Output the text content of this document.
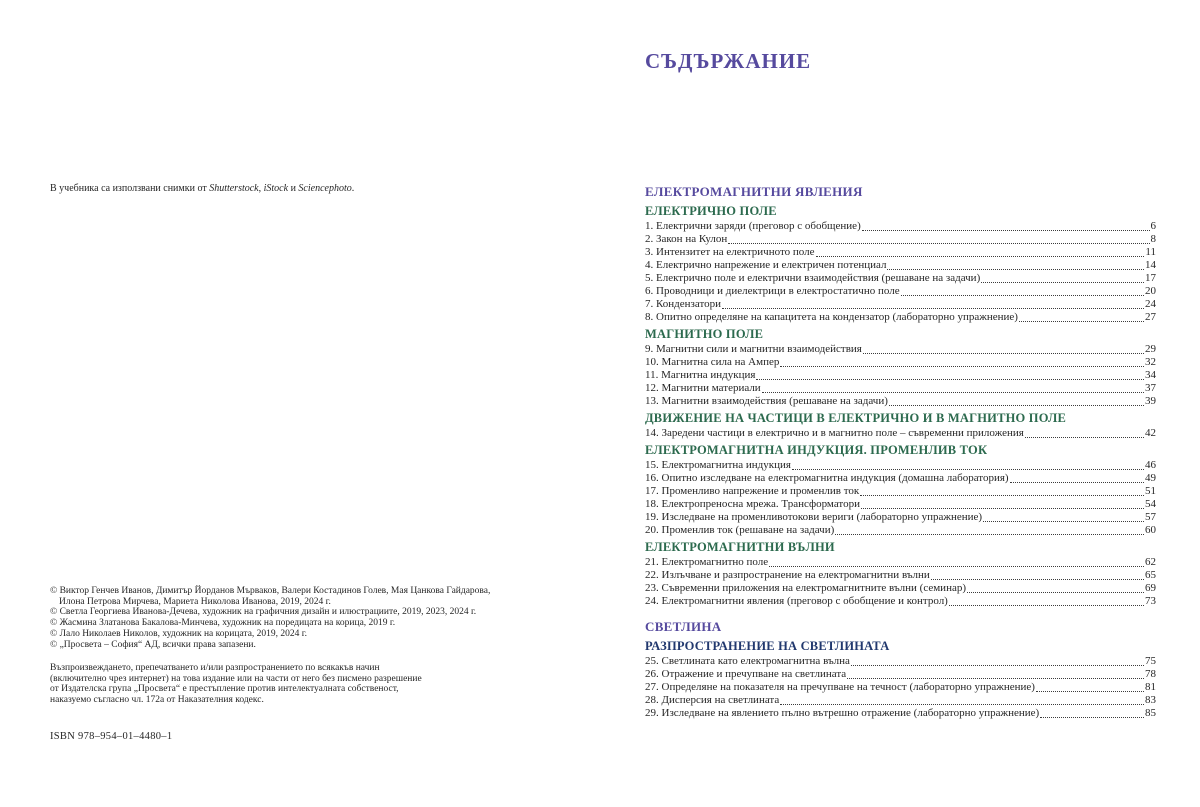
В учебника са използвани снимки от Shutterstock, iStock и Sciencephoto.

© Виктор Генчев Иванов, Димитър Йорданов Мърваков, Валери Костадинов Голев, Мая Цанкова Гайдарова,
Илона Петрова Мирчева, Мариета Николова Иванова, 2019, 2024 г.
© Светла Георгиева Иванова-Дечева, художник на графичния дизайн и илюстрациите, 2019, 2023, 2024 г.
© Жасмина Златанова Бакалова-Минчева, художник на поредицата на корица, 2019 г.
© Лало Николаев Николов, художник на корицата, 2019, 2024 г.
© „Просвета – София“ АД, всички права запазени.
Възпроизвеждането, препечатването и/или разпространението по всякакъв начин
(включително чрез интернет) на това издание или на части от него без писмено разрешение
от Издателска група „Просвета“ е престъпление против интелектуалната собственост,
наказуемо съгласно чл. 172а от Наказателния кодекс.

ISBN 978–954–01–4480–1

СЪДЪРЖАНИЕ
ЕЛЕКТРОМАГНИТНИ ЯВЛЕНИЯ
ЕЛЕКТРИЧНО ПОЛЕ
1. Електрични заряди (преговор с обобщение)	6
2. Закон на Кулон	8
3. Интензитет на електричното поле	11
4. Електрично напрежение и електричен потенциал	14
5. Електрично поле и електрични взаимодействия (решаване на задачи)	17
6. Проводници и диелектрици в електростатично поле	20
7. Кондензатори	24
8. Опитно определяне на капацитета на кондензатор (лабораторно упражнение)	27
МАГНИТНО ПОЛЕ
9. Магнитни сили и магнитни взаимодействия	29
10. Магнитна сила на Ампер	32
11. Магнитна индукция	34
12. Магнитни материали	37
13. Магнитни взаимодействия (решаване на задачи)	39
ДВИЖЕНИЕ НА ЧАСТИЦИ В ЕЛЕКТРИЧНО И В МАГНИТНО ПОЛЕ
14. Заредени частици в електрично и в магнитно поле – съвременни приложения	42
ЕЛЕКТРОМАГНИТНА ИНДУКЦИЯ. ПРОМЕНЛИВ ТОК
15. Електромагнитна индукция	46
16. Опитно изследване на електромагнитна индукция (домашна лаборатория)	49
17. Променливо напрежение и променлив ток	51
18. Електропреносна мрежа. Трансформатори	54
19. Изследване на променливотокови вериги (лабораторно упражнение)	57
20. Променлив ток (решаване на задачи)	60
ЕЛЕКТРОМАГНИТНИ ВЪЛНИ
21. Електромагнитно поле	62
22. Излъчване и разпространение на електромагнитни вълни	65
23. Съвременни приложения на електромагнитните вълни (семинар)	69
24. Електромагнитни явления (преговор с обобщение и контрол)	73
СВЕТЛИНА
РАЗПРОСТРАНЕНИЕ НА СВЕТЛИНАТА
25. Светлината като електромагнитна вълна	75
26. Отражение и пречупване на светлината	78
27. Определяне на показателя на пречупване на течност (лабораторно упражнение)	81
28. Дисперсия на светлината	83
29. Изследване на явлението пълно вътрешно отражение (лабораторно упражнение)	85
